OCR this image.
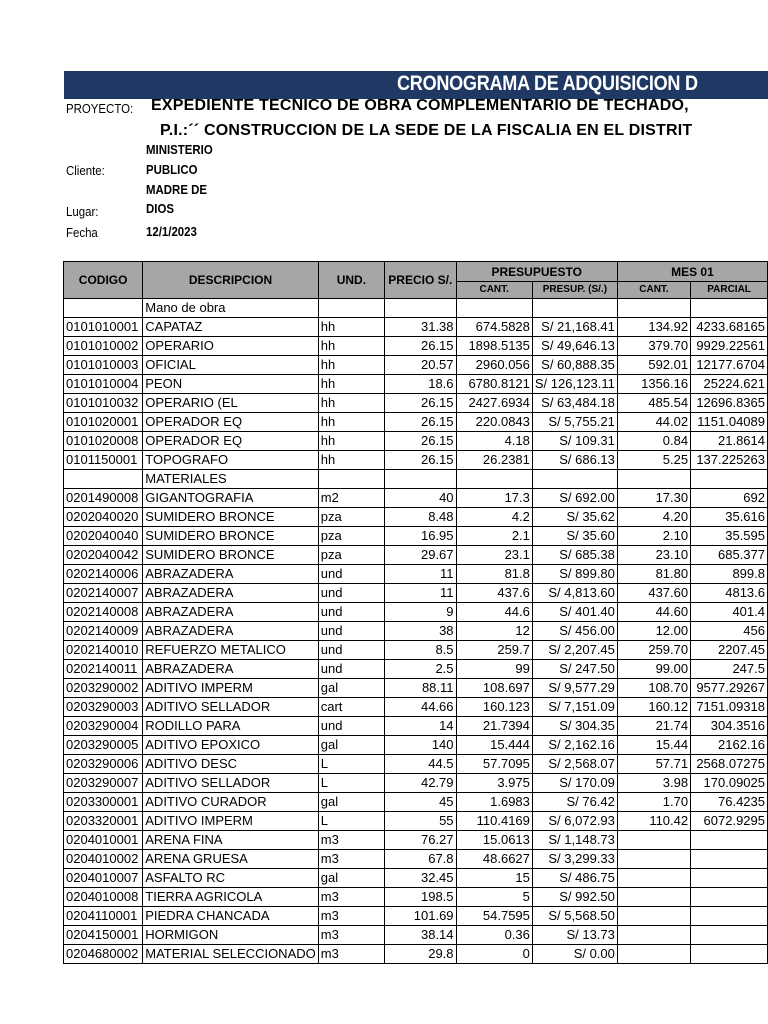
CRONOGRAMA DE ADQUISICION D
PROYECTO: EXPEDIENTE TECNICO DE OBRA COMPLEMENTARIO DE TECHADO,
P.I.:´´ CONSTRUCCION DE LA SEDE DE LA FISCALIA EN EL DISTRIT
MINISTERIO
Cliente:	PUBLICO
MADRE DE
Lugar:	DIOS
Fecha	12/1/2023
CODIGO	DESCRIPCION	UND.	PRECIO S/.	PRESUPUESTO		MES 01	
				CANT.	PRESUP. (S/.)	CANT.	PARCIAL
	Mano de obra						
0101010001	CAPATAZ	hh	31.38	674.5828	S/ 21,168.41	134.92	4233.68165
0101010002	OPERARIO	hh	26.15	1898.5135	S/ 49,646.13	379.70	9929.22561
0101010003	OFICIAL	hh	20.57	2960.056	S/ 60,888.35	592.01	12177.6704
0101010004	PEON	hh	18.6	6780.8121	S/ 126,123.11	1356.16	25224.621
0101010032	OPERARIO (EL	hh	26.15	2427.6934	S/ 63,484.18	485.54	12696.8365
0101020001	OPERADOR EQ	hh	26.15	220.0843	S/ 5,755.21	44.02	1151.04089
0101020008	OPERADOR EQ	hh	26.15	4.18	S/ 109.31	0.84	21.8614
0101150001	TOPOGRAFO	hh	26.15	26.2381	S/ 686.13	5.25	137.225263
	MATERIALES						
0201490008	GIGANTOGRAFIA	m2	40	17.3	S/ 692.00	17.30	692
0202040020	SUMIDERO BRONCE	pza	8.48	4.2	S/ 35.62	4.20	35.616
0202040040	SUMIDERO BRONCE	pza	16.95	2.1	S/ 35.60	2.10	35.595
0202040042	SUMIDERO BRONCE	pza	29.67	23.1	S/ 685.38	23.10	685.377
0202140006	ABRAZADERA	und	11	81.8	S/ 899.80	81.80	899.8
0202140007	ABRAZADERA	und	11	437.6	S/ 4,813.60	437.60	4813.6
0202140008	ABRAZADERA	und	9	44.6	S/ 401.40	44.60	401.4
0202140009	ABRAZADERA	und	38	12	S/ 456.00	12.00	456
0202140010	REFUERZO METALICO	und	8.5	259.7	S/ 2,207.45	259.70	2207.45
0202140011	ABRAZADERA	und	2.5	99	S/ 247.50	99.00	247.5
0203290002	ADITIVO IMPERM	gal	88.11	108.697	S/ 9,577.29	108.70	9577.29267
0203290003	ADITIVO SELLADOR	cart	44.66	160.123	S/ 7,151.09	160.12	7151.09318
0203290004	RODILLO PARA	und	14	21.7394	S/ 304.35	21.74	304.3516
0203290005	ADITIVO EPOXICO	gal	140	15.444	S/ 2,162.16	15.44	2162.16
0203290006	ADITIVO DESC	L	44.5	57.7095	S/ 2,568.07	57.71	2568.07275
0203290007	ADITIVO SELLADOR	L	42.79	3.975	S/ 170.09	3.98	170.09025
0203300001	ADITIVO CURADOR	gal	45	1.6983	S/ 76.42	1.70	76.4235
0203320001	ADITIVO IMPERM	L	55	110.4169	S/ 6,072.93	110.42	6072.9295
0204010001	ARENA FINA	m3	76.27	15.0613	S/ 1,148.73		
0204010002	ARENA GRUESA	m3	67.8	48.6627	S/ 3,299.33		
0204010007	ASFALTO RC	gal	32.45	15	S/ 486.75		
0204010008	TIERRA AGRICOLA	m3	198.5	5	S/ 992.50		
0204110001	PIEDRA CHANCADA	m3	101.69	54.7595	S/ 5,568.50		
0204150001	HORMIGON	m3	38.14	0.36	S/ 13.73		
0204680002	MATERIAL SELECCIONADO	m3	29.8	0	S/ 0.00		
